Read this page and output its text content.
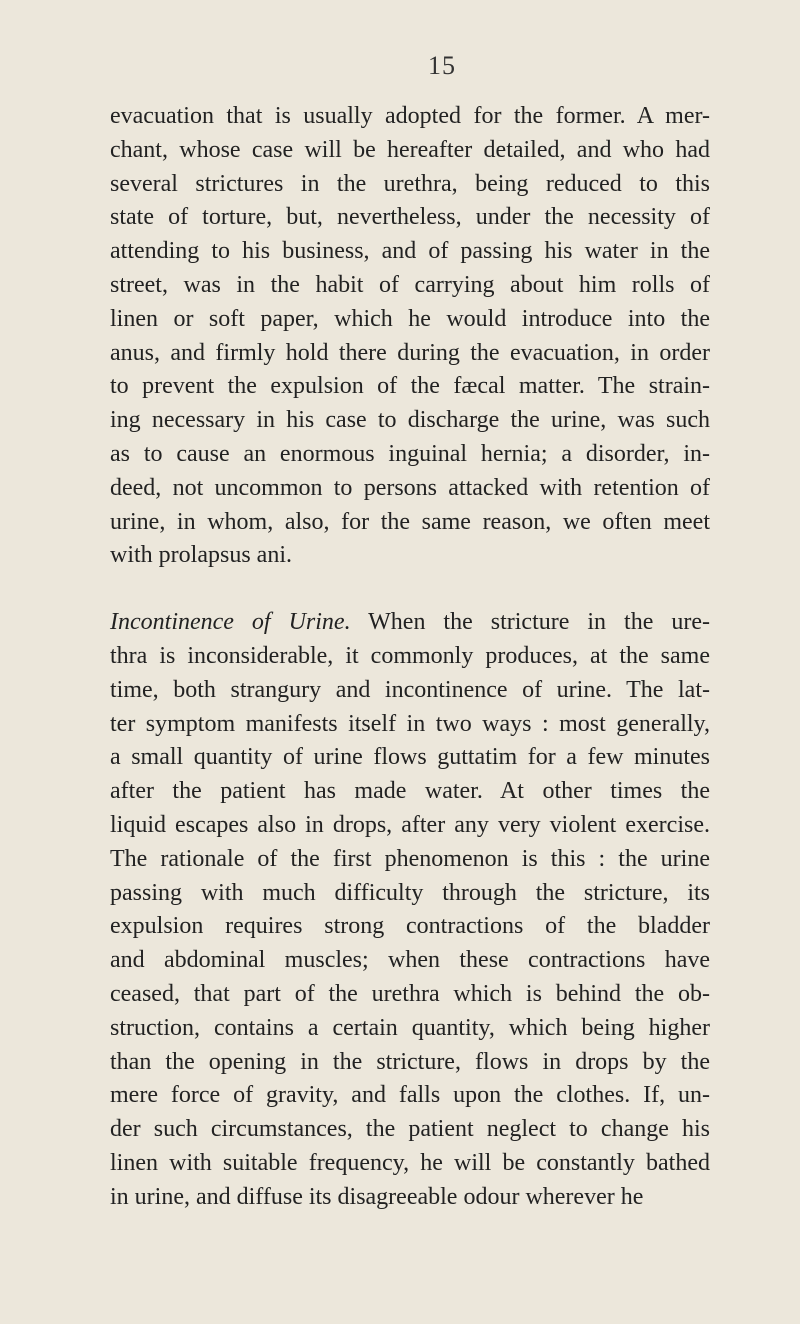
15
evacuation that is usually adopted for the former. A mer-
chant, whose case will be hereafter detailed, and who had
several strictures in the urethra, being reduced to this
state of torture, but, nevertheless, under the necessity of
attending to his business, and of passing his water in the
street, was in the habit of carrying about him rolls of
linen or soft paper, which he would introduce into the
anus, and firmly hold there during the evacuation, in order
to prevent the expulsion of the fæcal matter. The strain-
ing necessary in his case to discharge the urine, was such
as to cause an enormous inguinal hernia; a disorder, in-
deed, not uncommon to persons attacked with retention of
urine, in whom, also, for the same reason, we often meet
with prolapsus ani.
Incontinence of Urine. When the stricture in the ure-
thra is inconsiderable, it commonly produces, at the same
time, both strangury and incontinence of urine. The lat-
ter symptom manifests itself in two ways : most generally,
a small quantity of urine flows guttatim for a few minutes
after the patient has made water. At other times the
liquid escapes also in drops, after any very violent exercise.
The rationale of the first phenomenon is this : the urine
passing with much difficulty through the stricture, its
expulsion requires strong contractions of the bladder
and abdominal muscles; when these contractions have
ceased, that part of the urethra which is behind the ob-
struction, contains a certain quantity, which being higher
than the opening in the stricture, flows in drops by the
mere force of gravity, and falls upon the clothes. If, un-
der such circumstances, the patient neglect to change his
linen with suitable frequency, he will be constantly bathed
in urine, and diffuse its disagreeable odour wherever he
